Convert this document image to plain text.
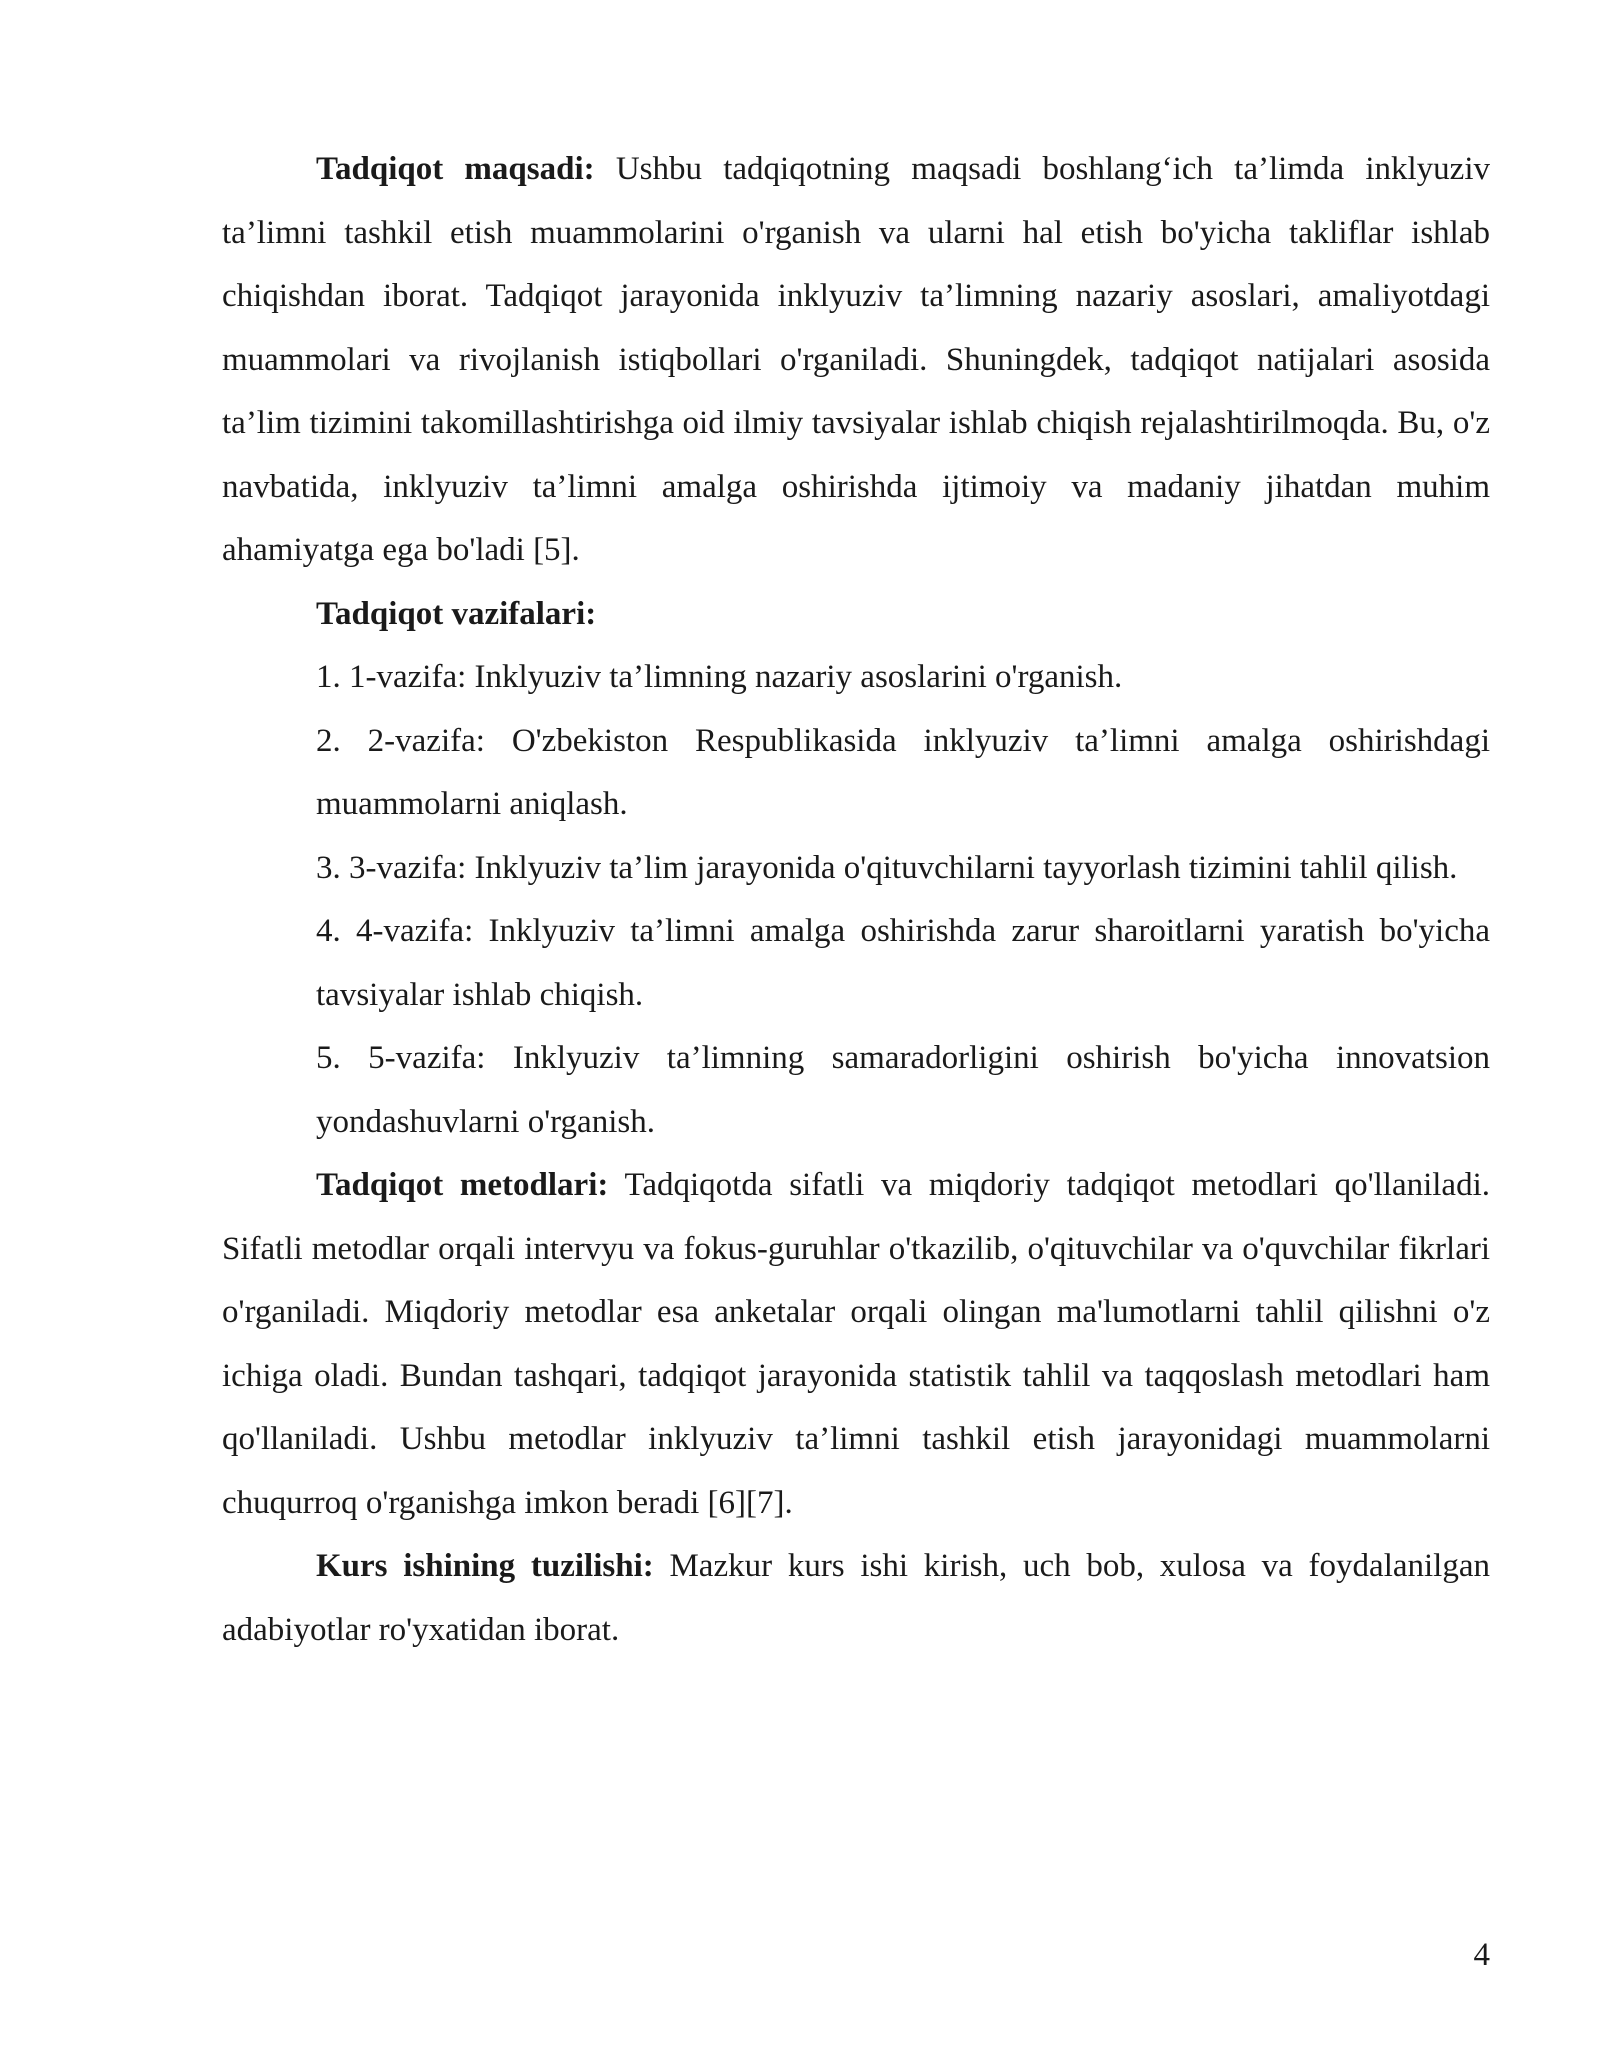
Tadqiqot maqsadi: Ushbu tadqiqotning maqsadi boshlang‘ich ta’limda inklyuziv ta’limni tashkil etish muammolarini o'rganish va ularni hal etish bo'yicha takliflar ishlab chiqishdan iborat. Tadqiqot jarayonida inklyuziv ta’limning nazariy asoslari, amaliyotdagi muammolari va rivojlanish istiqbollari o'rganiladi. Shuningdek, tadqiqot natijalari asosida ta’lim tizimini takomillashtirishga oid ilmiy tavsiyalar ishlab chiqish rejalashtirilmoqda. Bu, o'z navbatida, inklyuziv ta’limni amalga oshirishda ijtimoiy va madaniy jihatdan muhim ahamiyatga ega bo'ladi [5].

Tadqiqot vazifalari:

1. 1-vazifa: Inklyuziv ta’limning nazariy asoslarini o'rganish.

2. 2-vazifa: O'zbekiston Respublikasida inklyuziv ta’limni amalga oshirishdagi muammolarni aniqlash.

3. 3-vazifa: Inklyuziv ta’lim jarayonida o'qituvchilarni tayyorlash tizimini tahlil qilish.

4. 4-vazifa: Inklyuziv ta’limni amalga oshirishda zarur sharoitlarni yaratish bo'yicha tavsiyalar ishlab chiqish.

5. 5-vazifa: Inklyuziv ta’limning samaradorligini oshirish bo'yicha innovatsion yondashuvlarni o'rganish.

Tadqiqot metodlari: Tadqiqotda sifatli va miqdoriy tadqiqot metodlari qo'llaniladi. Sifatli metodlar orqali intervyu va fokus-guruhlar o'tkazilib, o'qituvchilar va o'quvchilar fikrlari o'rganiladi. Miqdoriy metodlar esa anketalar orqali olingan ma'lumotlarni tahlil qilishni o'z ichiga oladi. Bundan tashqari, tadqiqot jarayonida statistik tahlil va taqqoslash metodlari ham qo'llaniladi. Ushbu metodlar inklyuziv ta’limni tashkil etish jarayonidagi muammolarni chuqurroq o'rganishga imkon beradi [6][7].

Kurs ishining tuzilishi: Mazkur kurs ishi kirish, uch bob, xulosa va foydalanilgan adabiyotlar ro'yxatidan iborat.

4
